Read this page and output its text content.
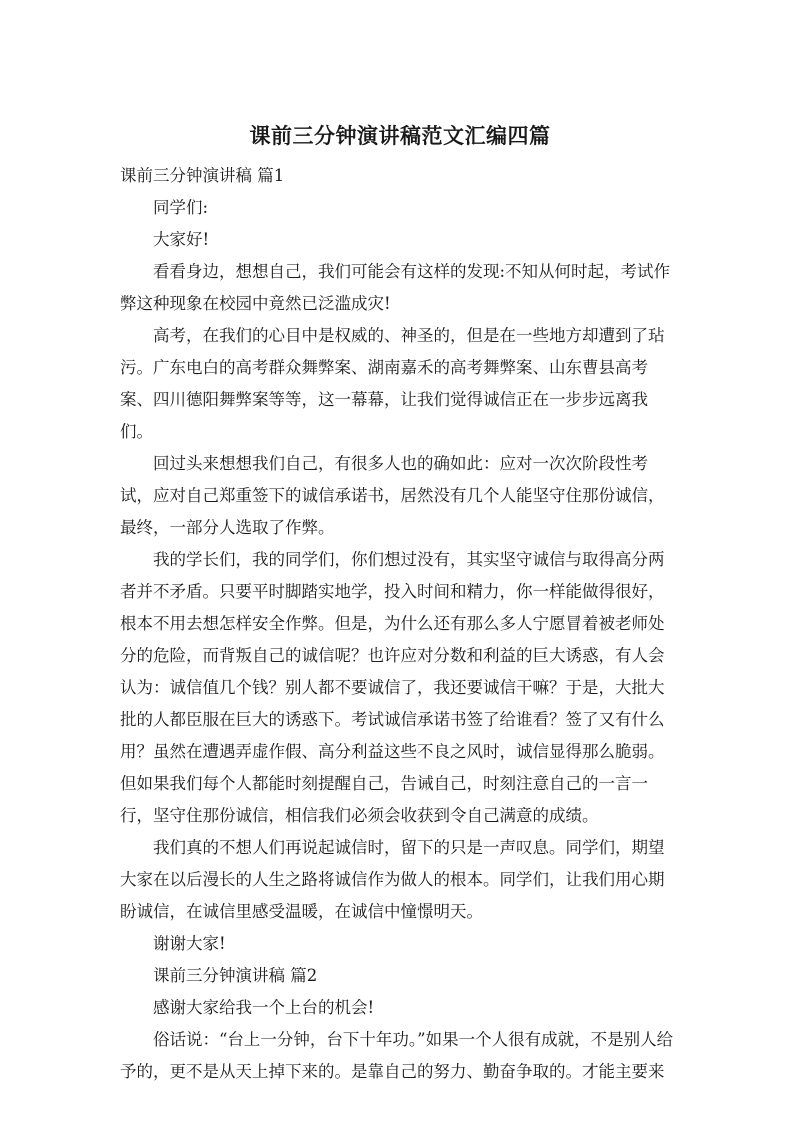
课前三分钟演讲稿范文汇编四篇

课前三分钟演讲稿 篇1

同学们:

大家好!

看看身边，想想自己，我们可能会有这样的发现:不知从何时起，考试作弊这种现象在校园中竟然已泛滥成灾!

高考，在我们的心目中是权威的、神圣的，但是在一些地方却遭到了玷污。广东电白的高考群众舞弊案、湖南嘉禾的高考舞弊案、山东曹县高考案、四川德阳舞弊案等等，这一幕幕，让我们觉得诚信正在一步步远离我们。

回过头来想想我们自己，有很多人也的确如此：应对一次次阶段性考试，应对自己郑重签下的诚信承诺书，居然没有几个人能坚守住那份诚信，最终，一部分人选取了作弊。

我的学长们，我的同学们，你们想过没有，其实坚守诚信与取得高分两者并不矛盾。只要平时脚踏实地学，投入时间和精力，你一样能做得很好，根本不用去想怎样安全作弊。但是，为什么还有那么多人宁愿冒着被老师处分的危险，而背叛自己的诚信呢？也许应对分数和利益的巨大诱惑，有人会认为：诚信值几个钱？别人都不要诚信了，我还要诚信干嘛？于是，大批大批的人都臣服在巨大的诱惑下。考试诚信承诺书签了给谁看？签了又有什么用？虽然在遭遇弄虚作假、高分利益这些不良之风时，诚信显得那么脆弱。但如果我们每个人都能时刻提醒自己，告诫自己，时刻注意自己的一言一行，坚守住那份诚信，相信我们必须会收获到令自己满意的成绩。

我们真的不想人们再说起诚信时，留下的只是一声叹息。同学们，期望大家在以后漫长的人生之路将诚信作为做人的根本。同学们，让我们用心期盼诚信，在诚信里感受温暖，在诚信中憧憬明天。

谢谢大家!

课前三分钟演讲稿 篇2

感谢大家给我一个上台的机会!

俗话说：“台上一分钟，台下十年功。”如果一个人很有成就，不是别人给予的，更不是从天上掉下来的。是靠自己的努力、勤奋争取的。才能主要来
